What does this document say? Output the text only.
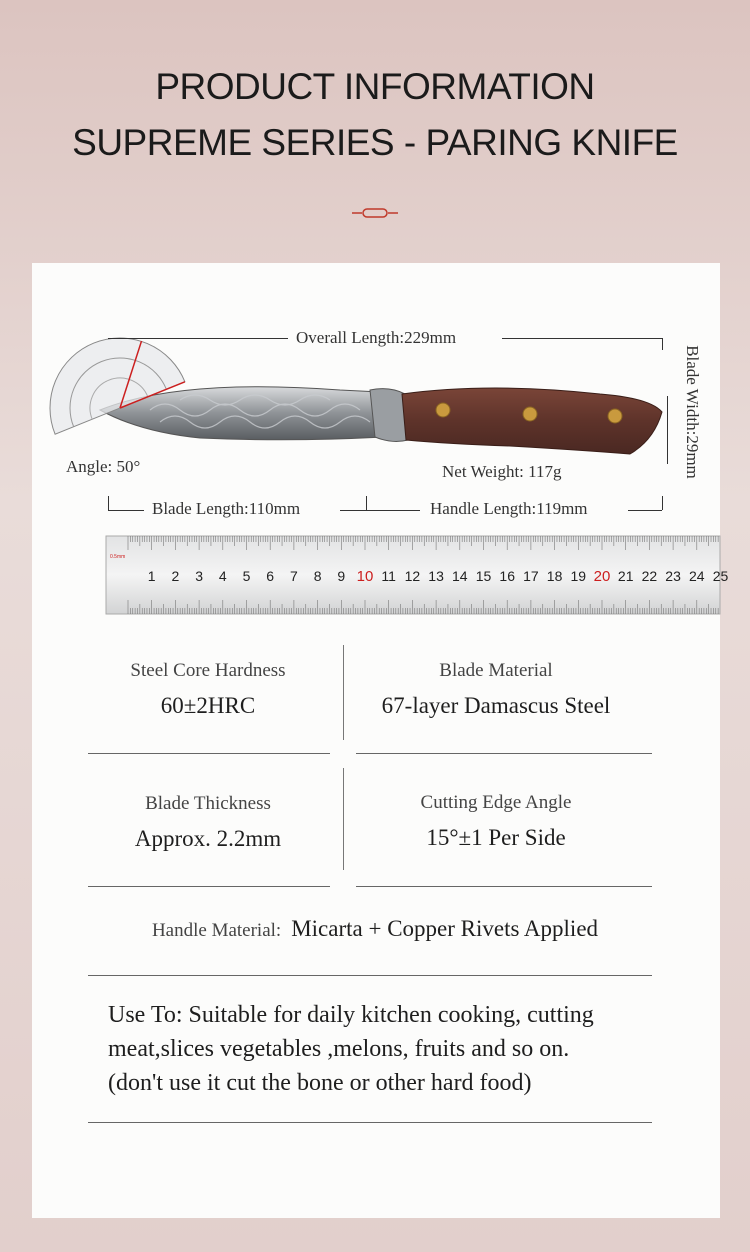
PRODUCT INFORMATION
SUPREME SERIES - PARING KNIFE
Overall Length:229mm
Blade Width:29mm
Angle: 50°	Net Weight: 117g
Blade Length:110mm	Handle Length:119mm
0.5mm
1 2 3 4 5 6 7 8 9 10 11 12 13 14 15 16 17 18 19 20 21 22 23 24 25
Steel Core Hardness
60±2HRC
Blade Material
67-layer Damascus Steel
Blade Thickness
Approx. 2.2mm
Cutting Edge Angle
15°±1 Per Side
Handle Material: Micarta + Copper Rivets Applied
Use To: Suitable for daily kitchen cooking, cutting
meat,slices vegetables ,melons, fruits and so on.
(don't use it cut the bone or other hard food)
